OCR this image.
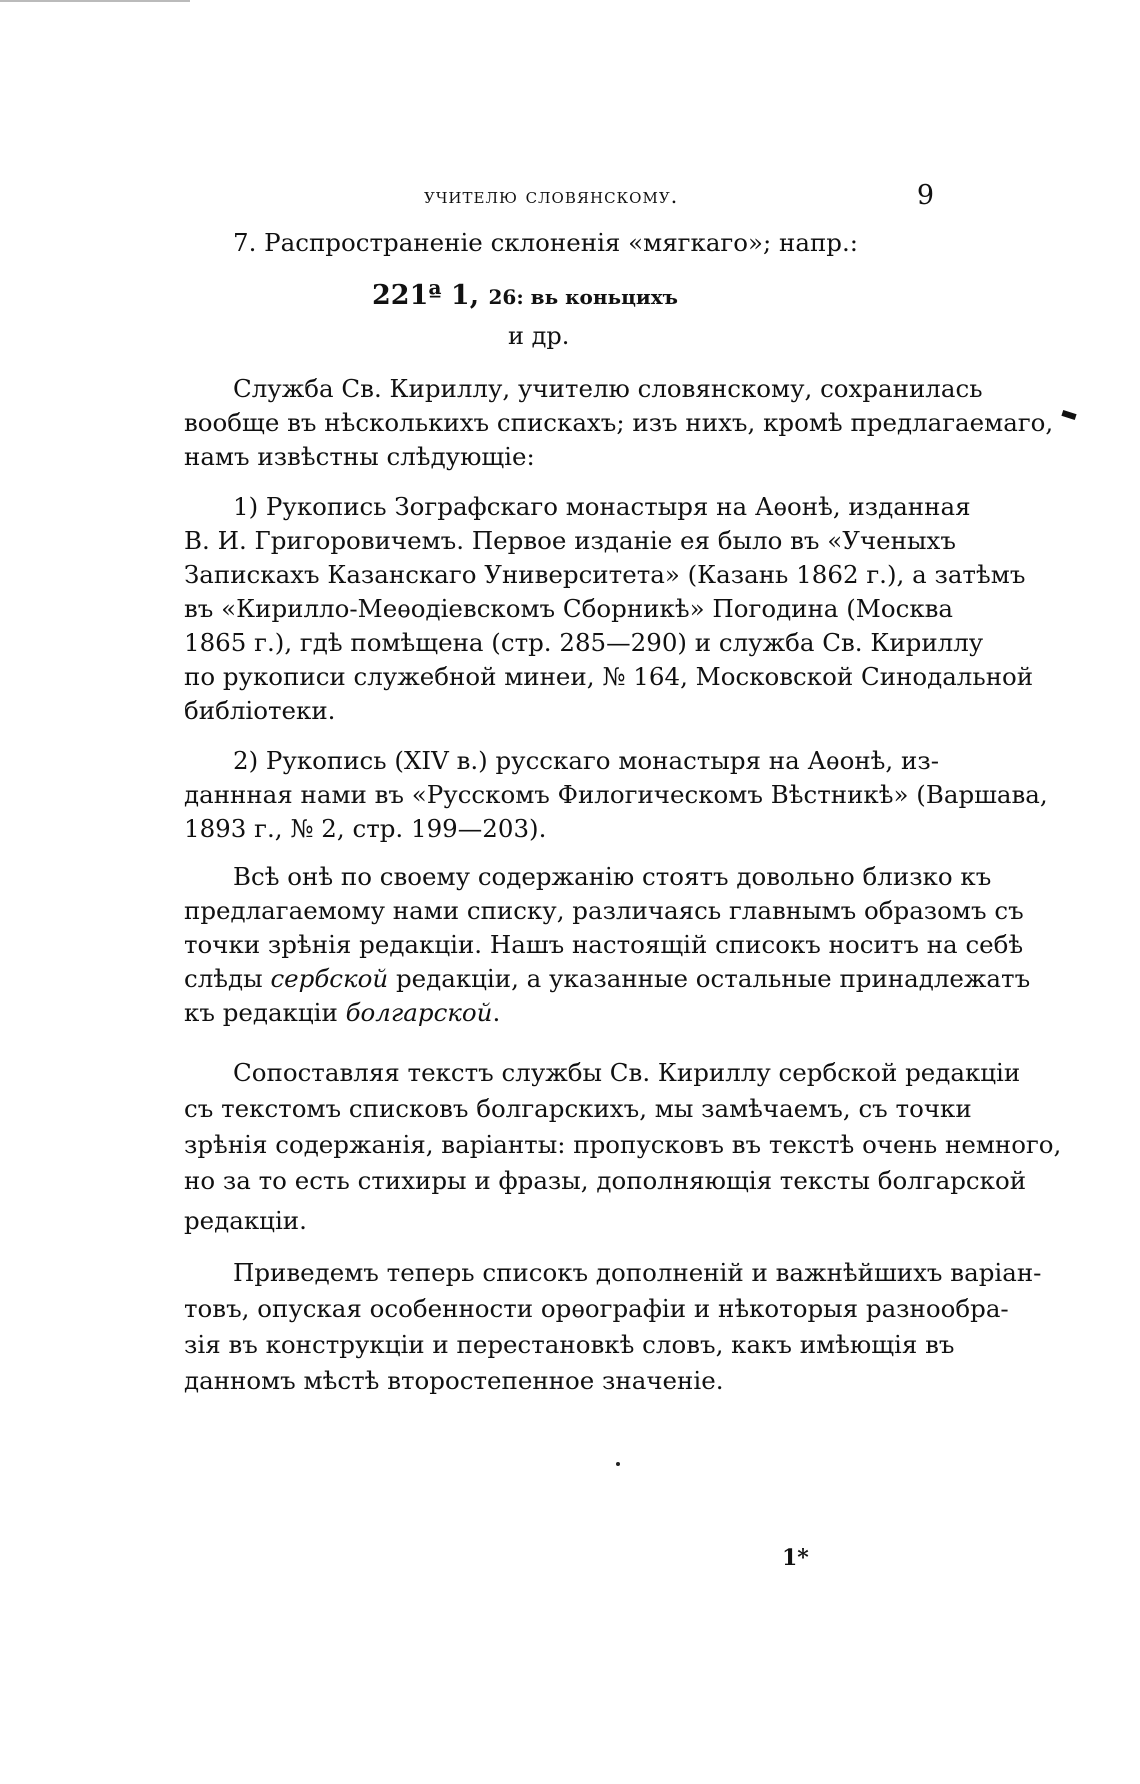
учителю словянскому.	9
7. Распространеніе склоненія «мягкаго»; напр.:
221ª 1, 26: вь коньцихъ
и др.
Служба Св. Кириллу, учителю словянскому, сохранилась
вообще въ нѣсколькихъ спискахъ; изъ нихъ, кромѣ предлагаемаго,
намъ извѣстны слѣдующіе:
1) Рукопись Зографскаго монастыря на Аѳонѣ, изданная
В. И. Григоровичемъ. Первое изданіе ея было въ «Ученыхъ
Запискахъ Казанскаго Университета» (Казань 1862 г.), а затѣмъ
въ «Кирилло-Меѳодіевскомъ Сборникѣ» Погодина (Москва
1865 г.), гдѣ помѣщена (стр. 285—290) и служба Св. Кириллу
по рукописи служебной минеи, № 164, Московской Синодальной
библіотеки.
2) Рукопись (XIV в.) русскаго монастыря на Аѳонѣ, из-
даннная нами въ «Русскомъ Филогическомъ Вѣстникѣ» (Варшава,
1893 г., № 2, стр. 199—203).
Всѣ онѣ по своему содержанію стоятъ довольно близко къ
предлагаемому нами списку, различаясь главнымъ образомъ съ
точки зрѣнія редакціи. Нашъ настоящій списокъ носитъ на себѣ
слѣды сербской редакціи, а указанные остальные принадлежатъ
къ редакціи болгарской.
Сопоставляя текстъ службы Св. Кириллу сербской редакціи
съ текстомъ списковъ болгарскихъ, мы замѣчаемъ, съ точки
зрѣнія содержанія, варіанты: пропусковъ въ текстѣ очень немного,
но за то есть стихиры и фразы, дополняющія тексты болгарской
редакціи.
Приведемъ теперь списокъ дополненій и важнѣйшихъ варіан-
товъ, опуская особенности орѳографіи и нѣкоторыя разнообра-
зія въ конструкціи и перестановкѣ словъ, какъ имѣющія въ
данномъ мѣстѣ второстепенное значеніе.
1*
